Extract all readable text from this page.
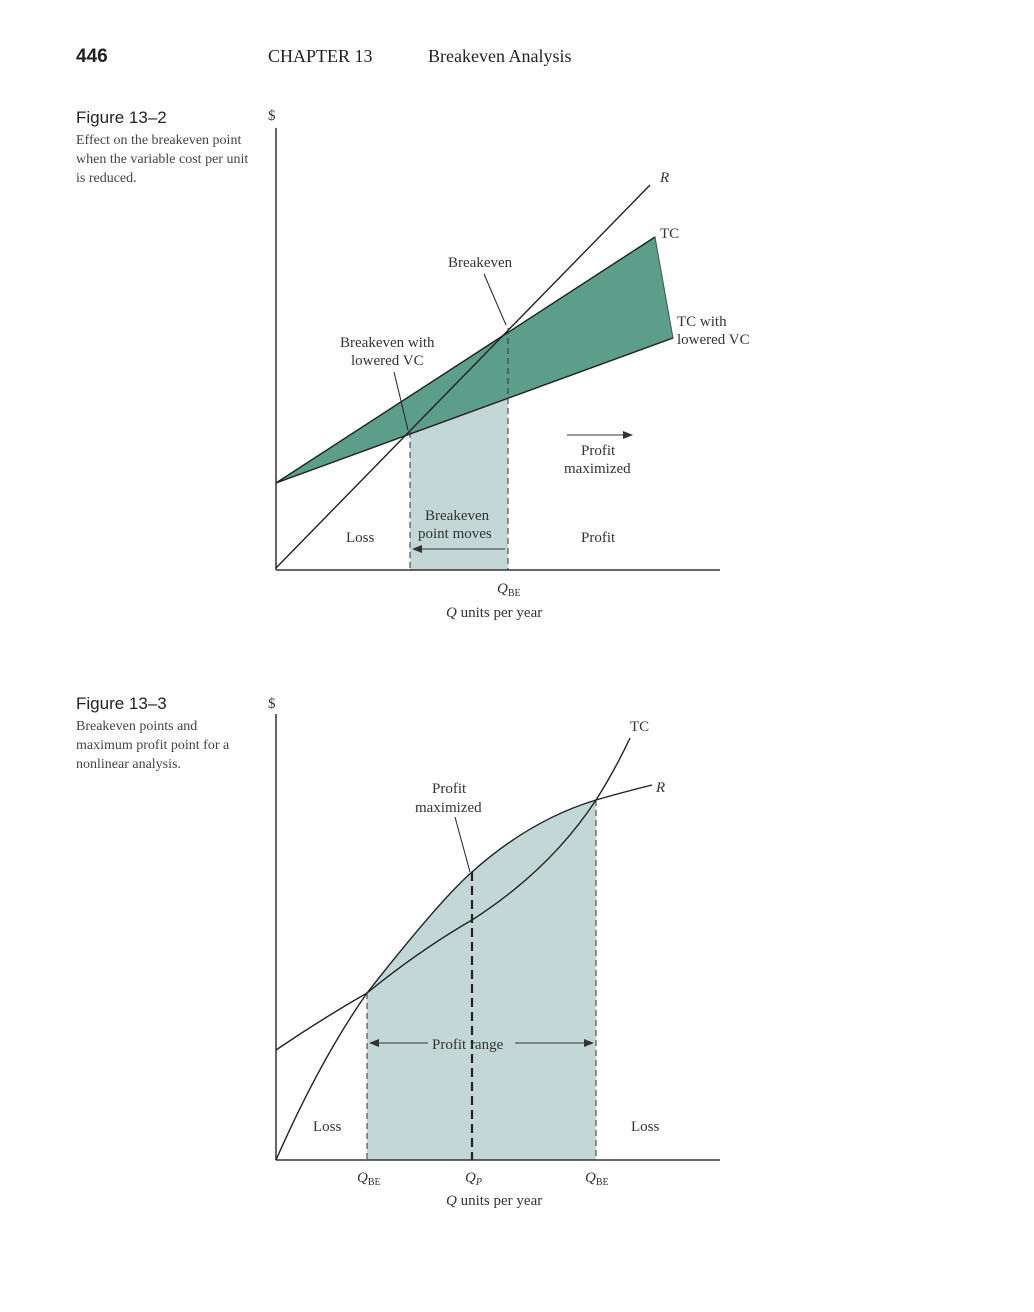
446	CHAPTER 13	Breakeven Analysis
Figure 13–2
Effect on the breakeven point when the variable cost per unit is reduced.
Figure 13–3
Breakeven points and maximum profit point for a nonlinear analysis.
$
R
TC
TC with
lowered VC
Breakeven
Breakeven with
lowered VC
Profit
maximized
Breakeven
point moves
Loss	Profit
$Q_{BE}$
Q units per year
$
TC
R
Profit
maximized
Profit range
Loss	Loss
$Q_{BE}$	$Q_P$	$Q_{BE}$
Q units per year
